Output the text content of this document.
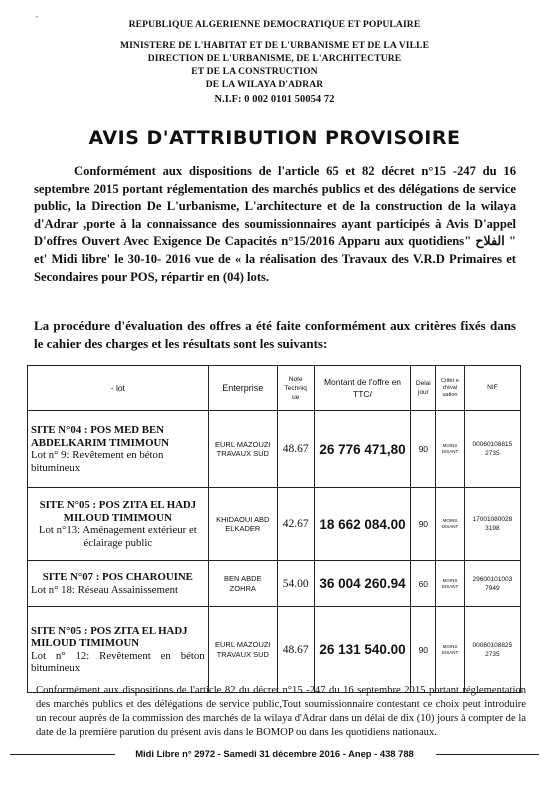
,
REPUBLIQUE ALGERIENNE DEMOCRATIQUE ET POPULAIRE
MINISTERE DE L'HABITAT ET DE L'URBANISME ET DE LA VILLE
DIRECTION DE L'URBANISME, DE L'ARCHITECTURE
ET DE LA CONSTRUCTION
DE LA WILAYA D'ADRAR
N.I.F: 0 002 0101 50054 72
AVIS D'ATTRIBUTION PROVISOIRE
Conformément aux dispositions de l'article 65 et 82 décret n°15 -247 du 16 septembre 2015 portant réglementation des marchés publics et des délégations de service public, la Direction De L'urbanisme, L'architecture et de la construction de la wilaya d'Adrar ,porte à la connaissance des soumissionnaires ayant participés à Avis D'appel D'offres Ouvert Avec Exigence De Capacités n°15/2016 Apparu aux quotidiens" الفلاح " et' Midi libre' le 30-10- 2016 vue de « la réalisation des Travaux des V.R.D Primaires et Secondaires pour POS, répartir en (04) lots.
La procédure d'évaluation des offres a été faite conformément aux critères fixés dans le cahier des charges et les résultats sont les suivants:
- lot	Enterprise	Note Techniq ue	Montant de l'offre en TTC/	Delai jour	Critèr e d'éval uation	NIF

SITE N°04 : POS MED BEN ABDELKARIM TIMIMOUN
Lot n° 9: Revêtement en béton bitumineux	EURL MAZOUZI TRAVAUX SUD	48.67	26 776 471,80	90	MOINS DISANT	00060108815 2735

SITE N°05 : POS ZITA EL HADJ MILOUD TIMIMOUN
Lot n°13: Aménagement extérieur et éclairage public	KHIDAOUI ABD ELKADER	42.67	18 662 084.00	90	MOINS DISANT	17001080028 3198

SITE N°07 : POS CHAROUINE
Lot n° 18: Réseau Assainissement	BEN ABDE ZOHRA	54.00	36 004 260.94	60	MOINS DISANT	29600101003 7949

SITE N°05 : POS ZITA EL HADJ MILOUD TIMIMOUN
Lot n° 12: Revêtement en béton bitumineux	EURL MAZOUZI TRAVAUX SUD	48.67	26 131 540.00	90	MOINS DISANT	00060108825 2735
Conformément aux dispositions de l'article 82 du décret n°15 -247 du 16 septembre 2015 portant réglementation des marchés publics et des délégations de service public,Tout soumissionnaire contestant ce choix peut introduire un recour auprès de la commission des marchés de la wilaya d'Adrar dans un délai de dix (10) jours à compter de la date de la première parution du présent avis dans le BOMOP ou dans les quotidiens nationaux.
Midi Libre n° 2972 - Samedi 31 décembre 2016 - Anep - 438 788
